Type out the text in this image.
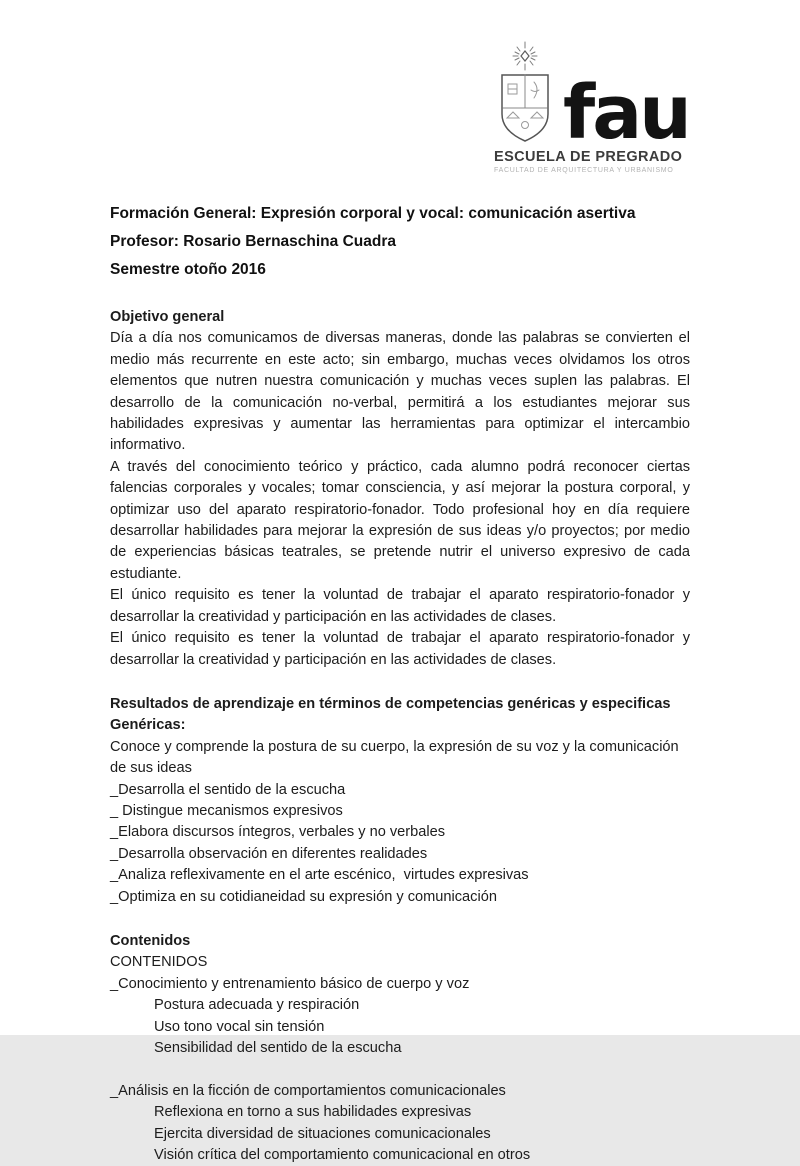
fau
ESCUELA DE PREGRADO
FACULTAD DE ARQUITECTURA Y URBANISMO
Formación General: Expresión corporal y vocal: comunicación asertiva
Profesor: Rosario Bernaschina Cuadra
Semestre otoño 2016
Objetivo general
Día a día nos comunicamos de diversas maneras, donde las palabras se convierten el medio más recurrente en este acto; sin embargo, muchas veces olvidamos los otros elementos que nutren nuestra comunicación y muchas veces suplen las palabras. El desarrollo de la comunicación no-verbal, permitirá a los estudiantes mejorar sus habilidades expresivas y aumentar las herramientas para optimizar el intercambio informativo.
A través del conocimiento teórico y práctico, cada alumno podrá reconocer ciertas falencias corporales y vocales; tomar consciencia, y así mejorar la postura corporal, y optimizar uso del aparato respiratorio-fonador. Todo profesional hoy en día requiere desarrollar habilidades para mejorar la expresión de sus ideas y/o proyectos; por medio de experiencias básicas teatrales, se pretende nutrir el universo expresivo de cada estudiante.
El único requisito es tener la voluntad de trabajar el aparato respiratorio-fonador y desarrollar la creatividad y participación en las actividades de clases.
El único requisito es tener la voluntad de trabajar el aparato respiratorio-fonador y desarrollar la creatividad y participación en las actividades de clases.
Resultados de aprendizaje en términos de competencias genéricas y especificas
Genéricas:
Conoce y comprende la postura de su cuerpo, la expresión de su voz y la comunicación de sus ideas
_Desarrolla el sentido de la escucha
_ Distingue mecanismos expresivos
_Elabora discursos íntegros, verbales y no verbales
_Desarrolla observación en diferentes realidades
_Analiza reflexivamente en el arte escénico,  virtudes expresivas
_Optimiza en su cotidianeidad su expresión y comunicación
Contenidos
CONTENIDOS
_Conocimiento y entrenamiento básico de cuerpo y voz
Postura adecuada y respiración
Uso tono vocal sin tensión
Sensibilidad del sentido de la escucha
_Análisis en la ficción de comportamientos comunicacionales
Reflexiona en torno a sus habilidades expresivas
Ejercita diversidad de situaciones comunicacionales
Visión crítica del comportamiento comunicacional en otros
